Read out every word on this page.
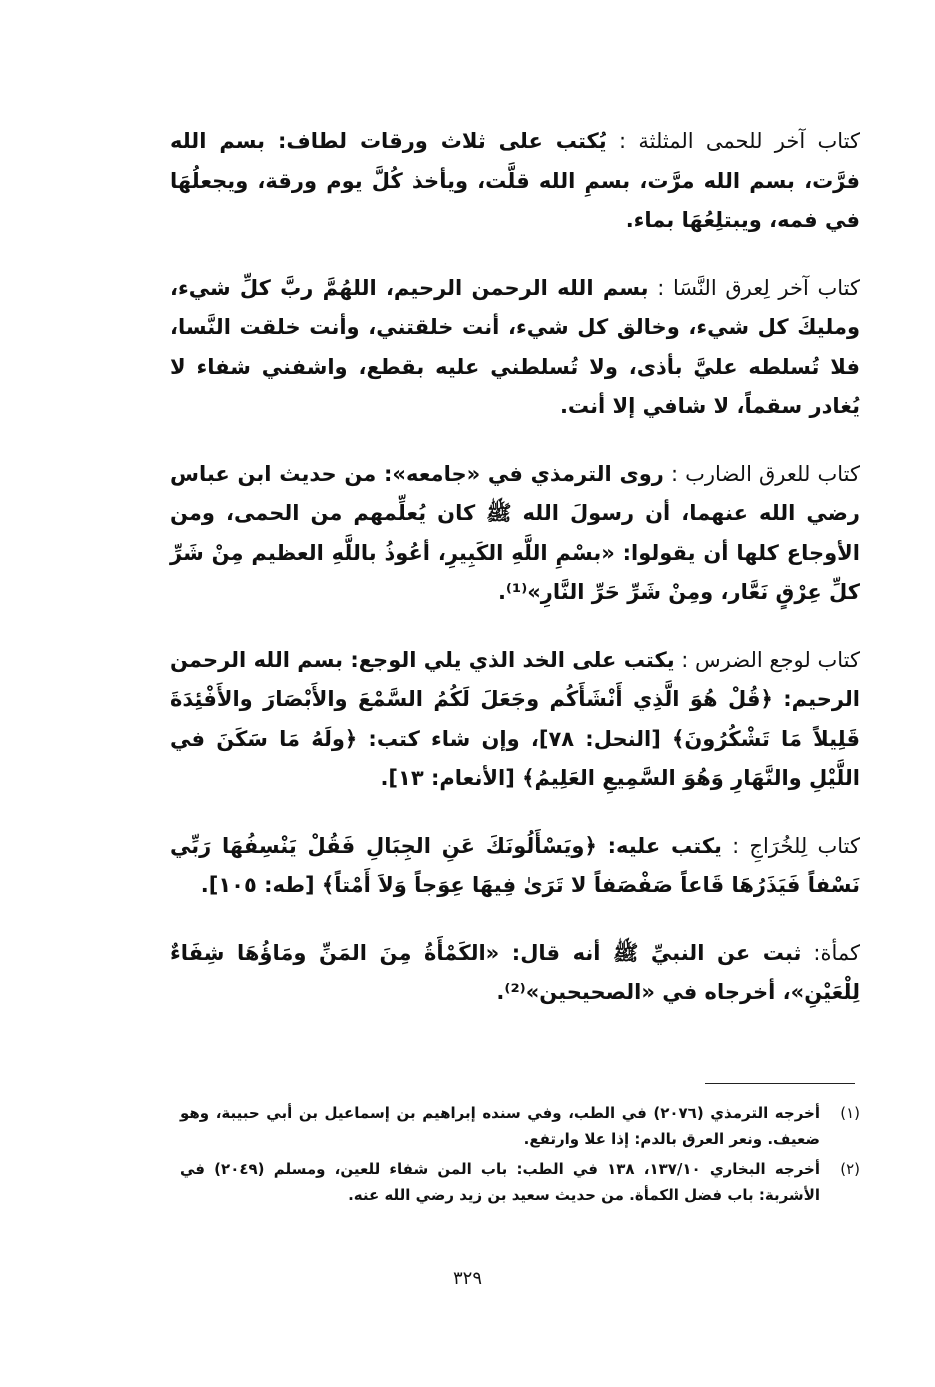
كتاب آخر للحمى المثلثة : يُكتب على ثلاث ورقات لطاف: بسم الله فرَّت، بسم الله مرَّت، بسمِ الله قلَّت، ويأخذ كُلَّ يوم ورقة، ويجعلُهَا في فمه، ويبتلِعُهَا بماء.

كتاب آخر لِعرق النَّسَا : بسم الله الرحمن الرحيم، اللهُمَّ ربَّ كلِّ شيء، ومليكَ كل شيء، وخالق كل شيء، أنت خلقتني، وأنت خلقت النَّسا، فلا تُسلطه عليَّ بأذى، ولا تُسلطني عليه بقطع، واشفني شفاء لا يُغادر سقماً، لا شافي إلا أنت.

كتاب للعرق الضارب : روى الترمذي في «جامعه»: من حديث ابن عباس رضي الله عنهما، أن رسولَ الله ﷺ كان يُعلِّمهم من الحمى، ومن الأوجاع كلها أن يقولوا: «بسْمِ اللَّهِ الكَبِيرِ، أعُوذُ باللَّهِ العظيم مِنْ شَرِّ كلِّ عِرْقٍ نَعَّار، ومِنْ شَرِّ حَرِّ النَّارِ»⁽¹⁾.

كتاب لوجع الضرس : يكتب على الخد الذي يلي الوجع: بسم الله الرحمن الرحيم: ﴿قُلْ هُوَ الَّذِي أَنْشَأَكُم وجَعَلَ لَكُمُ السَّمْعَ والأَبْصَارَ والأَفْئِدَةَ قَلِيلاً مَا تَشْكُرُونَ﴾ [النحل: ٧٨]، وإن شاء كتب: ﴿ولَهُ مَا سَكَنَ في اللَّيْلِ والنَّهَارِ وَهُوَ السَّمِيعِ العَلِيمُ﴾ [الأنعام: ١٣].

كتاب لِلخُرَاجِ : يكتب عليه: ﴿ويَسْأَلُونَكَ عَنِ الجِبَالِ فَقُلْ يَنْسِفُهَا رَبِّي نَسْفاً فَيَذَرُهَا قَاعاً صَفْصَفاً لا تَرَىٰ فِيهَا عِوَجاً وَلاَ أَمْتاً﴾ [طه: ١٠٥].

كمأة: ثبت عن النبيِّ ﷺ أنه قال: «الكَمْأَةُ مِنَ المَنِّ ومَاؤُهَا شِفَاءٌ لِلْعَيْنِ»، أخرجاه في «الصحيحين»⁽²⁾.

(١)
أخرجه الترمذي (٢٠٧٦) في الطب، وفي سنده إبراهيم بن إسماعيل بن أبي حبيبة، وهو ضعيف. ونعر العرق بالدم: إذا علا وارتفع.
(٢)
أخرجه البخاري ١٣٧/١٠، ١٣٨ في الطب: باب المن شفاء للعين، ومسلم (٢٠٤٩) في الأشربة: باب فضل الكمأة. من حديث سعيد بن زيد رضي الله عنه.
٣٢٩
